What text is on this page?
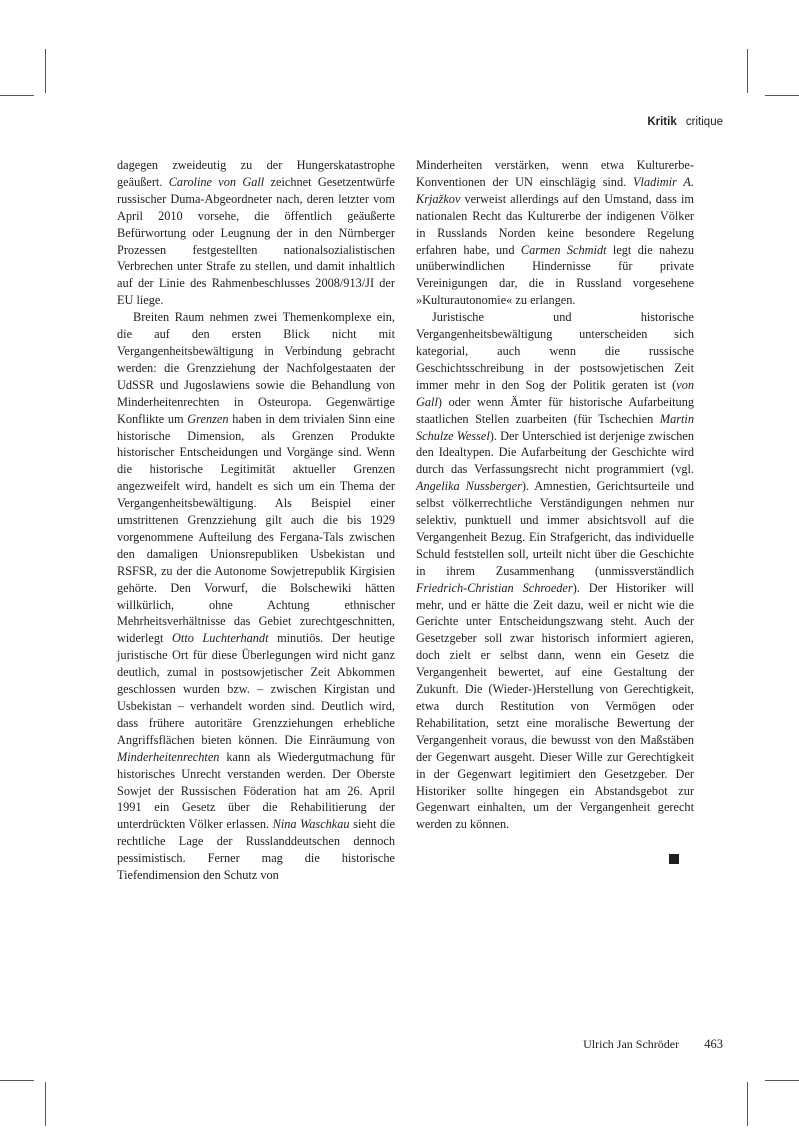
Kritik critique

dagegen zweideutig zu der Hungerskatastrophe geäußert. Caroline von Gall zeichnet Gesetzentwürfe russischer Duma-Abgeordneter nach, deren letzter vom April 2010 vorsehe, die öffentlich geäußerte Befürwortung oder Leugnung der in den Nürnberger Prozessen festgestellten nationalsozialistischen Verbrechen unter Strafe zu stellen, und damit inhaltlich auf der Linie des Rahmenbeschlusses 2008/913/JI der EU liege.

Breiten Raum nehmen zwei Themenkomplexe ein, die auf den ersten Blick nicht mit Vergangenheitsbewältigung in Verbindung gebracht werden: die Grenzziehung der Nachfolgestaaten der UdSSR und Jugoslawiens sowie die Behandlung von Minderheitenrechten in Osteuropa. Gegenwärtige Konflikte um Grenzen haben in dem trivialen Sinn eine historische Dimension, als Grenzen Produkte historischer Entscheidungen und Vorgänge sind. Wenn die historische Legitimität aktueller Grenzen angezweifelt wird, handelt es sich um ein Thema der Vergangenheitsbewältigung. Als Beispiel einer umstrittenen Grenzziehung gilt auch die bis 1929 vorgenommene Aufteilung des Fergana-Tals zwischen den damaligen Unionsrepubliken Usbekistan und RSFSR, zu der die Autonome Sowjetrepublik Kirgisien gehörte. Den Vorwurf, die Bolschewiki hätten willkürlich, ohne Achtung ethnischer Mehrheitsverhältnisse das Gebiet zurechtgeschnitten, widerlegt Otto Luchterhandt minutiös. Der heutige juristische Ort für diese Überlegungen wird nicht ganz deutlich, zumal in postsowjetischer Zeit Abkommen geschlossen wurden bzw. – zwischen Kirgistan und Usbekistan – verhandelt worden sind. Deutlich wird, dass frühere autoritäre Grenzziehungen erhebliche Angriffsflächen bieten können. Die Einräumung von Minderheitenrechten kann als Wiedergutmachung für historisches Unrecht verstanden werden. Der Oberste Sowjet der Russischen Föderation hat am 26. April 1991 ein Gesetz über die Rehabilitierung der unterdrückten Völker erlassen. Nina Waschkau sieht die rechtliche Lage der Russlanddeutschen dennoch pessimistisch. Ferner mag die historische Tiefendimension den Schutz von

Minderheiten verstärken, wenn etwa Kulturerbe-Konventionen der UN einschlägig sind. Vladimir A. Krjažkov verweist allerdings auf den Umstand, dass im nationalen Recht das Kulturerbe der indigenen Völker in Russlands Norden keine besondere Regelung erfahren habe, und Carmen Schmidt legt die nahezu unüberwindlichen Hindernisse für private Vereinigungen dar, die in Russland vorgesehene »Kulturautonomie« zu erlangen.

Juristische und historische Vergangenheitsbewältigung unterscheiden sich kategorial, auch wenn die russische Geschichtsschreibung in der postsowjetischen Zeit immer mehr in den Sog der Politik geraten ist (von Gall) oder wenn Ämter für historische Aufarbeitung staatlichen Stellen zuarbeiten (für Tschechien Martin Schulze Wessel). Der Unterschied ist derjenige zwischen den Idealtypen. Die Aufarbeitung der Geschichte wird durch das Verfassungsrecht nicht programmiert (vgl. Angelika Nussberger). Amnestien, Gerichtsurteile und selbst völkerrechtliche Verständigungen nehmen nur selektiv, punktuell und immer absichtsvoll auf die Vergangenheit Bezug. Ein Strafgericht, das individuelle Schuld feststellen soll, urteilt nicht über die Geschichte in ihrem Zusammenhang (unmissverständlich Friedrich-Christian Schroeder). Der Historiker will mehr, und er hätte die Zeit dazu, weil er nicht wie die Gerichte unter Entscheidungszwang steht. Auch der Gesetzgeber soll zwar historisch informiert agieren, doch zielt er selbst dann, wenn ein Gesetz die Vergangenheit bewertet, auf eine Gestaltung der Zukunft. Die (Wieder-)Herstellung von Gerechtigkeit, etwa durch Restitution von Vermögen oder Rehabilitation, setzt eine moralische Bewertung der Vergangenheit voraus, die bewusst von den Maßstäben der Gegenwart ausgeht. Dieser Wille zur Gerechtigkeit in der Gegenwart legitimiert den Gesetzgeber. Der Historiker sollte hingegen ein Abstandsgebot zur Gegenwart einhalten, um der Vergangenheit gerecht werden zu können.

Ulrich Jan Schröder 463
